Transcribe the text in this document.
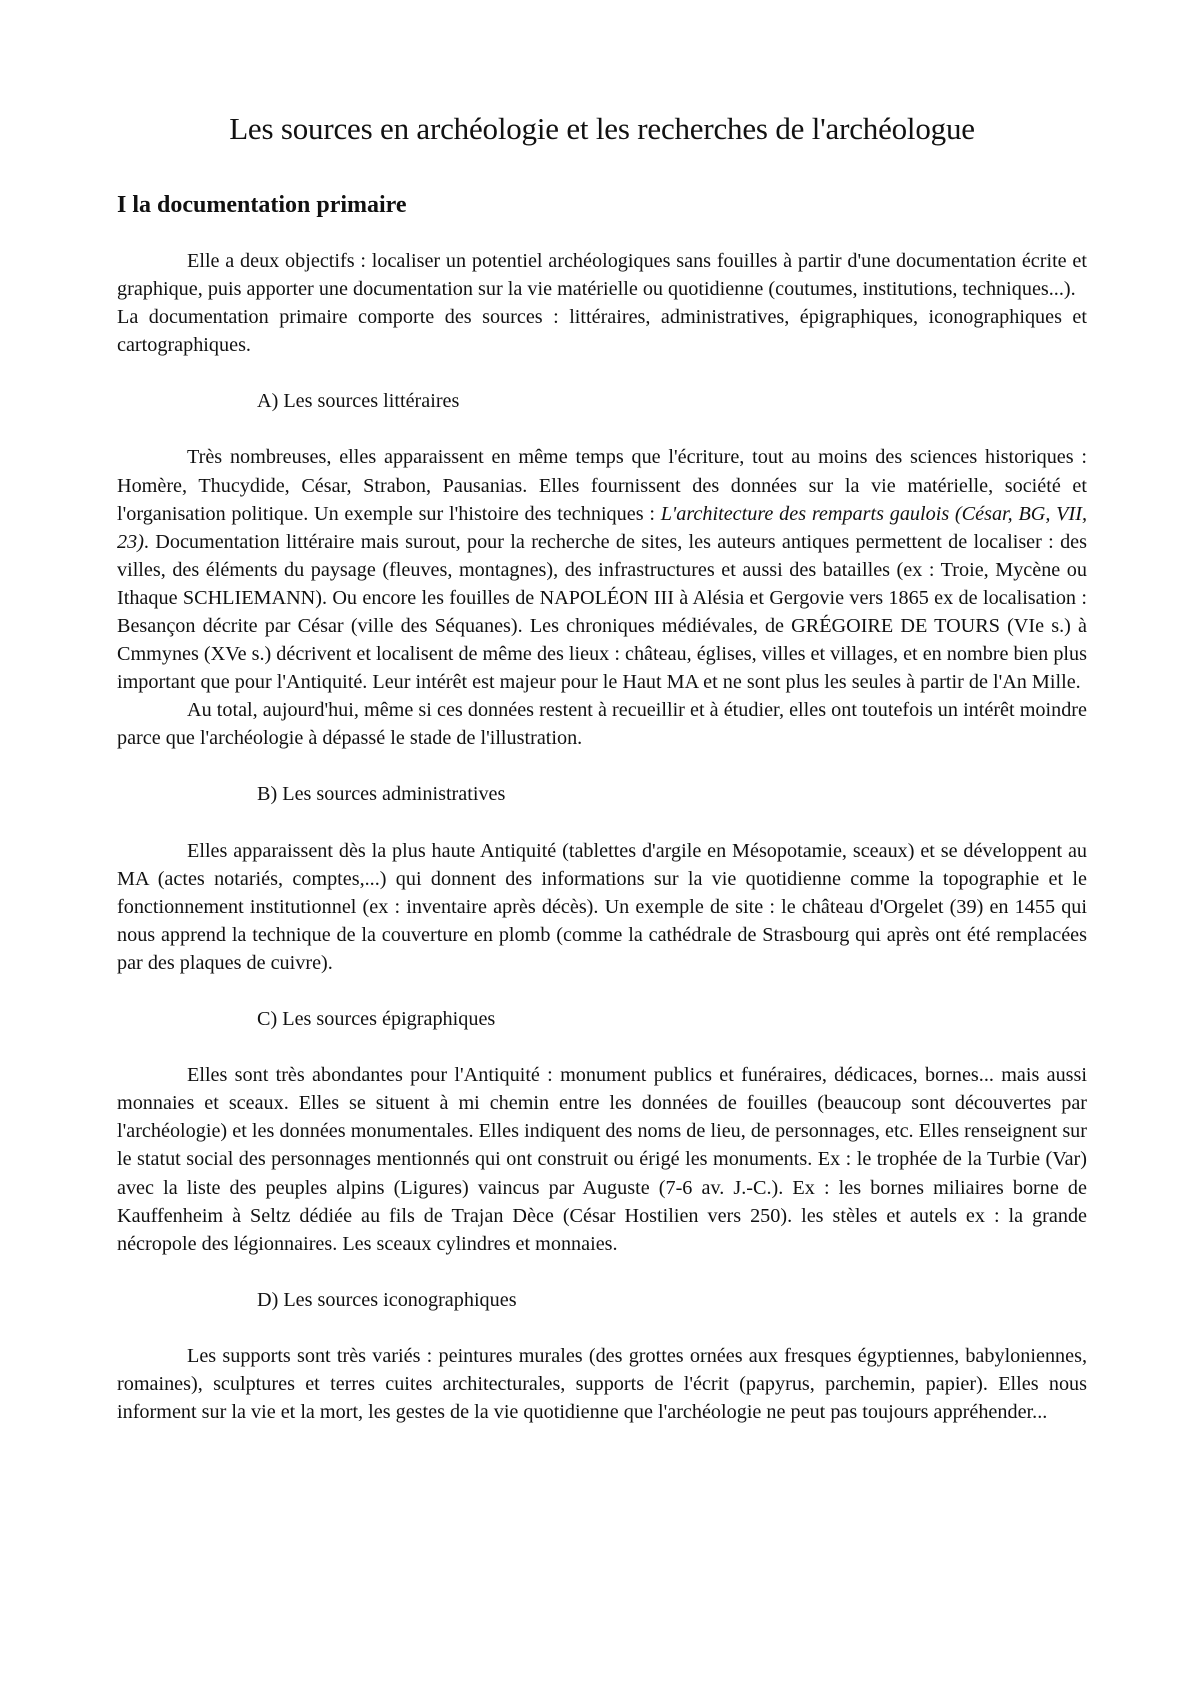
Les sources en archéologie et les recherches de l'archéologue
I la documentation primaire

Elle a deux objectifs : localiser un potentiel archéologiques sans fouilles à partir d'une documentation écrite et graphique, puis apporter une documentation sur la vie matérielle ou quotidienne (coutumes, institutions, techniques...).

La documentation primaire comporte des sources : littéraires, administratives, épigraphiques, iconographiques et cartographiques.

A) Les sources littéraires

Très nombreuses, elles apparaissent en même temps que l'écriture, tout au moins des sciences historiques : Homère, Thucydide, César, Strabon, Pausanias. Elles fournissent des données sur la vie matérielle, société et l'organisation politique. Un exemple sur l'histoire des techniques : L'architecture des remparts gaulois (César, BG, VII, 23). Documentation littéraire mais surout, pour la recherche de sites, les auteurs antiques permettent de localiser : des villes, des éléments du paysage (fleuves, montagnes), des infrastructures et aussi des batailles (ex : Troie, Mycène ou Ithaque SCHLIEMANN). Ou encore les fouilles de NAPOLÉON III à Alésia et Gergovie vers 1865 ex de localisation : Besançon décrite par César (ville des Séquanes). Les chroniques médiévales, de GRÉGOIRE DE TOURS (VIe s.) à Cmmynes (XVe s.) décrivent et localisent de même des lieux : château, églises, villes et villages, et en nombre bien plus important que pour l'Antiquité. Leur intérêt est majeur pour le Haut MA et ne sont plus les seules à partir de l'An Mille.

Au total, aujourd'hui, même si ces données restent à recueillir et à étudier, elles ont toutefois un intérêt moindre parce que l'archéologie à dépassé le stade de l'illustration.

B) Les sources administratives

Elles apparaissent dès la plus haute Antiquité (tablettes d'argile en Mésopotamie, sceaux) et se développent au MA (actes notariés, comptes,...) qui donnent des informations sur la vie quotidienne comme la topographie et le fonctionnement institutionnel (ex : inventaire après décès). Un exemple de site : le château d'Orgelet (39) en 1455 qui nous apprend la technique de la couverture en plomb (comme la cathédrale de Strasbourg qui après ont été remplacées par des plaques de cuivre).

C) Les sources épigraphiques

Elles sont très abondantes pour l'Antiquité : monument publics et funéraires, dédicaces, bornes... mais aussi monnaies et sceaux. Elles se situent à mi chemin entre les données de fouilles (beaucoup sont découvertes par l'archéologie) et les données monumentales. Elles indiquent des noms de lieu, de personnages, etc. Elles renseignent sur le statut social des personnages mentionnés qui ont construit ou érigé les monuments. Ex : le trophée de la Turbie (Var) avec la liste des peuples alpins (Ligures) vaincus par Auguste (7-6 av. J.-C.). Ex : les bornes miliaires borne de Kauffenheim à Seltz dédiée au fils de Trajan Dèce (César Hostilien vers 250). les stèles et autels ex : la grande nécropole des légionnaires. Les sceaux cylindres et monnaies.

D) Les sources iconographiques

Les supports sont très variés : peintures murales (des grottes ornées aux fresques égyptiennes, babyloniennes, romaines), sculptures et terres cuites architecturales, supports de l'écrit (papyrus, parchemin, papier). Elles nous informent sur la vie et la mort, les gestes de la vie quotidienne que l'archéologie ne peut pas toujours appréhender...
